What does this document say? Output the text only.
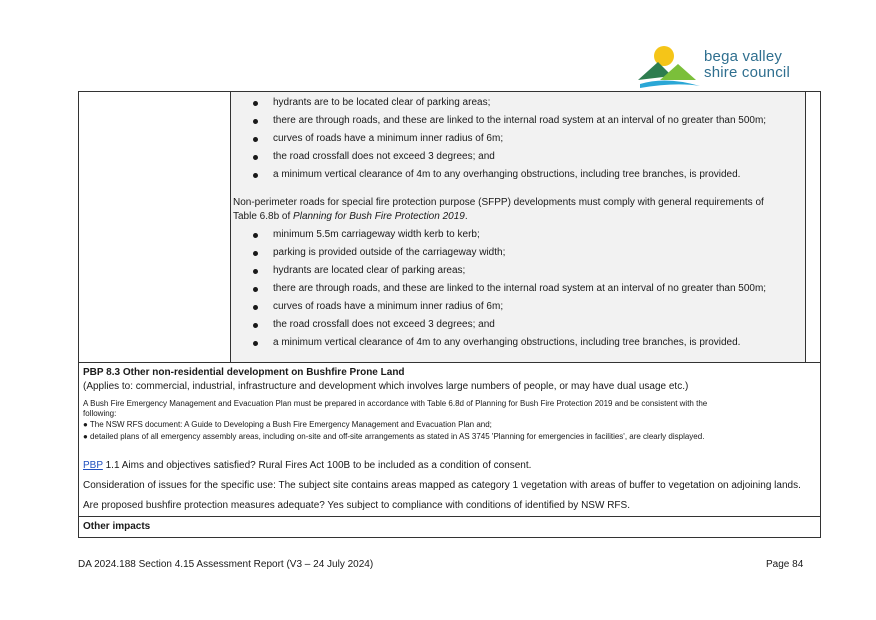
bega valley
shire council
hydrants are to be located clear of parking areas;
there are through roads, and these are linked to the internal road system at an interval of no greater than 500m;
curves of roads have a minimum inner radius of 6m;
the road crossfall does not exceed 3 degrees; and
a minimum vertical clearance of 4m to any overhanging obstructions, including tree branches, is provided.
Non-perimeter roads for special fire protection purpose (SFPP) developments must comply with general requirements of
Table 6.8b of Planning for Bush Fire Protection 2019.
minimum 5.5m carriageway width kerb to kerb;
parking is provided outside of the carriageway width;
hydrants are located clear of parking areas;
there are through roads, and these are linked to the internal road system at an interval of no greater than 500m;
curves of roads have a minimum inner radius of 6m;
the road crossfall does not exceed 3 degrees; and
a minimum vertical clearance of 4m to any overhanging obstructions, including tree branches, is provided.
PBP 8.3 Other non-residential development on Bushfire Prone Land
(Applies to: commercial, industrial, infrastructure and development which involves large numbers of people, or may have dual usage etc.)
A Bush Fire Emergency Management and Evacuation Plan must be prepared in accordance with Table 6.8d of Planning for Bush Fire Protection 2019 and be consistent with the
following:
● The NSW RFS document: A Guide to Developing a Bush Fire Emergency Management and Evacuation Plan and;
● detailed plans of all emergency assembly areas, including on-site and off-site arrangements as stated in AS 3745 'Planning for emergencies in facilities', are clearly displayed.
PBP 1.1 Aims and objectives satisfied? Rural Fires Act 100B to be included as a condition of consent.
Consideration of issues for the specific use: The subject site contains areas mapped as category 1 vegetation with areas of buffer to vegetation on adjoining lands.
Are proposed bushfire protection measures adequate? Yes subject to compliance with conditions of identified by NSW RFS.
Other impacts
DA 2024.188 Section 4.15 Assessment Report (V3 – 24 July 2024)	Page 84
